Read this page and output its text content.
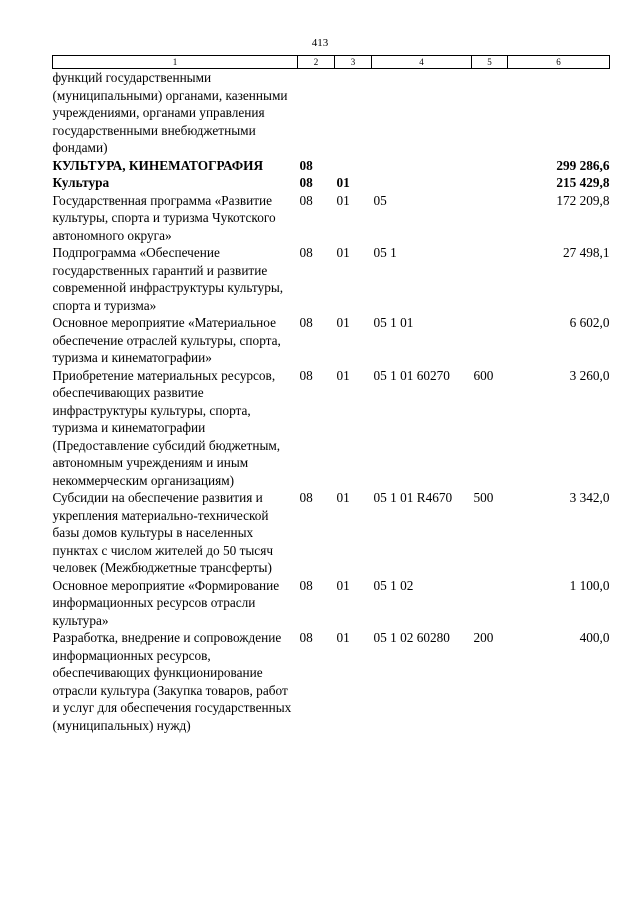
413
1	2	3	4	5	6
функций государственными (муниципальными) органами, казенными учреждениями, органами управления государственными внебюджетными фондами)					
КУЛЬТУРА, КИНЕМАТОГРАФИЯ	08				299 286,6
Культура	08	01			215 429,8
Государственная программа «Развитие культуры, спорта и туризма Чукотского автономного округа»	08	01	05		172 209,8
Подпрограмма «Обеспечение государственных гарантий и развитие современной инфраструктуры культуры, спорта и туризма»	08	01	05 1		27 498,1
Основное мероприятие «Материальное обеспечение отраслей культуры, спорта, туризма и кинематографии»	08	01	05 1 01		6 602,0
Приобретение материальных ресурсов, обеспечивающих развитие инфраструктуры культуры, спорта, туризма и кинематографии (Предоставление субсидий бюджетным, автономным учреждениям и иным некоммерческим организациям)	08	01	05 1 01 60270	600	3 260,0
Субсидии на обеспечение развития и укрепления материально-технической базы домов культуры в населенных пунктах с числом жителей до 50 тысяч человек (Межбюджетные трансферты)	08	01	05 1 01 R4670	500	3 342,0
Основное мероприятие «Формирование информационных ресурсов отрасли культура»	08	01	05 1 02		1 100,0
Разработка, внедрение и сопровождение информационных ресурсов, обеспечивающих функционирование отрасли культура (Закупка товаров, работ и услуг для обеспечения государственных (муниципальных) нужд)	08	01	05 1 02 60280	200	400,0
